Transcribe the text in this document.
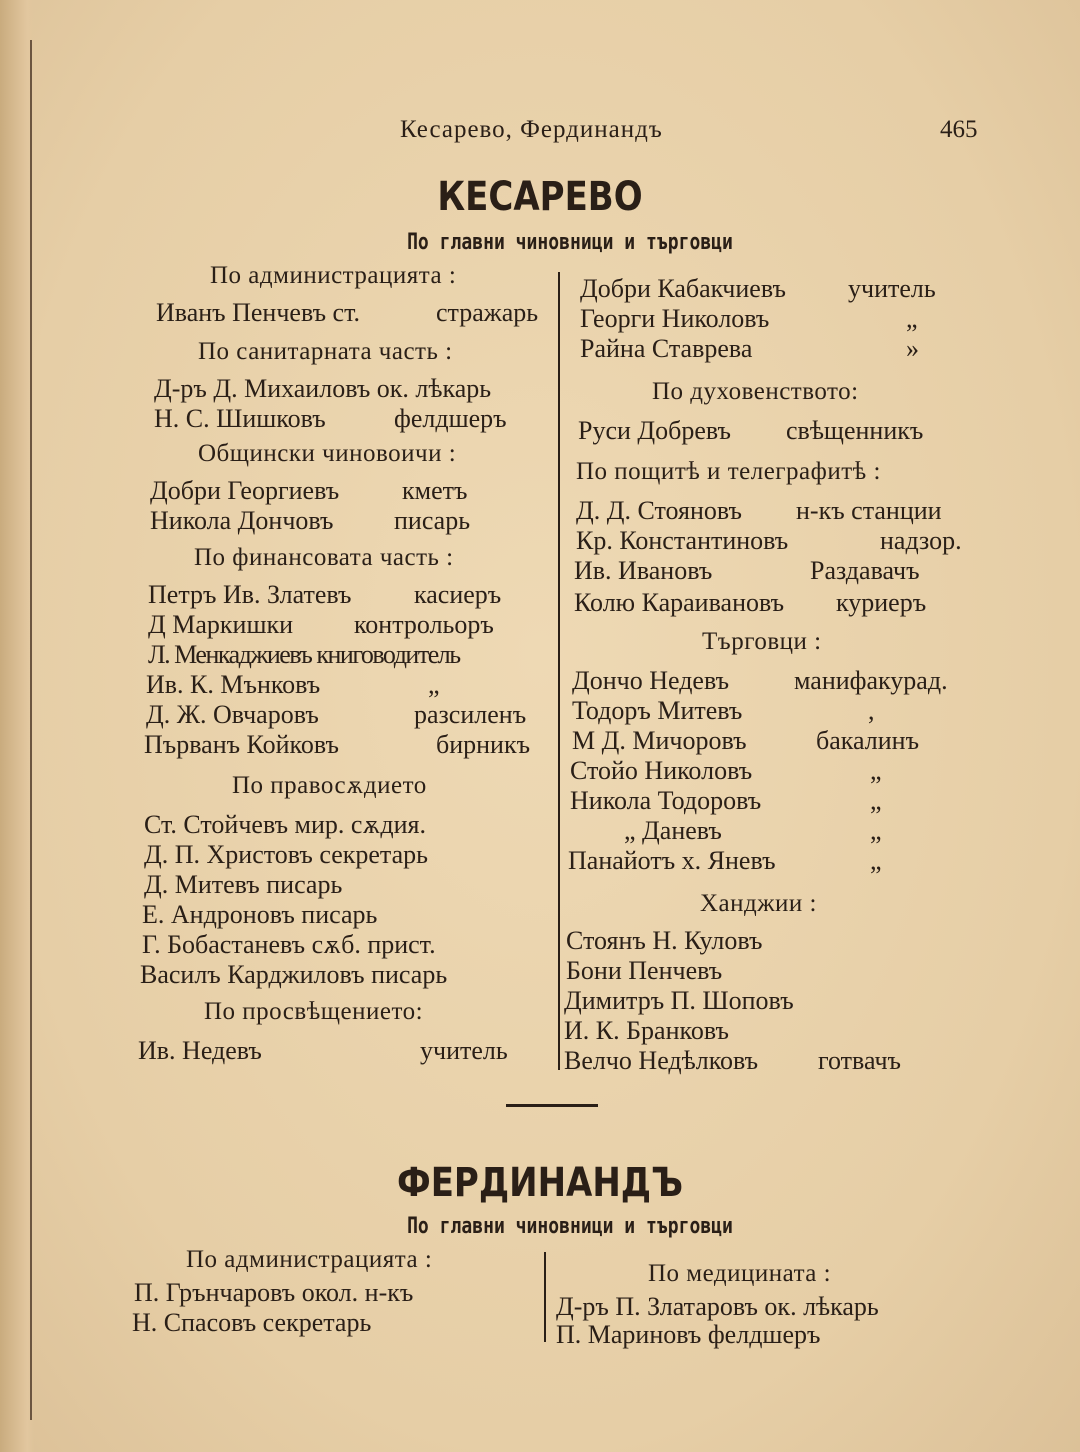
Кесарево, Фердинандъ	465
КЕСАРЕВО
По главни чиновници и търговци
По администрацията :
Иванъ Пенчевъ ст.	стражарь
По санитарната часть :
Д-ръ Д. Михаиловъ ок. лѣкарь
Н. С. Шишковъ	фелдшеръ
Общински чиновоичи :
Добри Георгиевъ кметъ
Никола Дончовъ писарь
По финансовата часть :
Петръ Ив. Златевъ касиеръ
Д Маркишки контрольоръ
Л. Менкаджиевъ книговодитель
Ив. К. Мънковъ	„
Д. Ж. Овчаровъ	разсиленъ
Първанъ Койковъ	бирникъ
По правосѫдието
Ст. Стойчевъ мир. сѫдия.
Д. П. Христовъ секретарь
Д. Митевъ писарь
Е. Андроновъ писарь
Г. Бобастаневъ сѫб. прист.
Василъ Карджиловъ писарь
По просвѣщението:
Ив. Недевъ	учитель
Добри Кабакчиевъ учитель
Георги Николовъ	„
Райна Ставрева	»
По духовенството:
Руси Добревъ свѣщенникъ
По пощитѣ и телеграфитѣ :
Д. Д. Стояновъ н-къ станции
Кр. Константиновъ	надзор.
Ив. Ивановъ	Раздавачъ
Колю Караивановъ куриеръ
Търговци :
Дончо Недевъ манифакурад.
Тодоръ Митевъ	,
М Д. Мичоровъ	бакалинъ
Стойо Николовъ	„
Никола Тодоровъ	„
„ Даневъ	„
Панайотъ х. Яневъ	„
Ханджии :
Стоянъ Н. Куловъ
Бони Пенчевъ
Димитръ П. Шоповъ
И. К. Бранковъ
Велчо Недѣлковъ готвачъ
ФЕРДИНАНДЪ
По главни чиновници и търговци
По администрацията :
П. Грънчаровъ окол. н-къ
Н. Спасовъ секретарь
По медицината :
Д-ръ П. Златаровъ ок. лѣкарь
П. Мариновъ фелдшеръ
